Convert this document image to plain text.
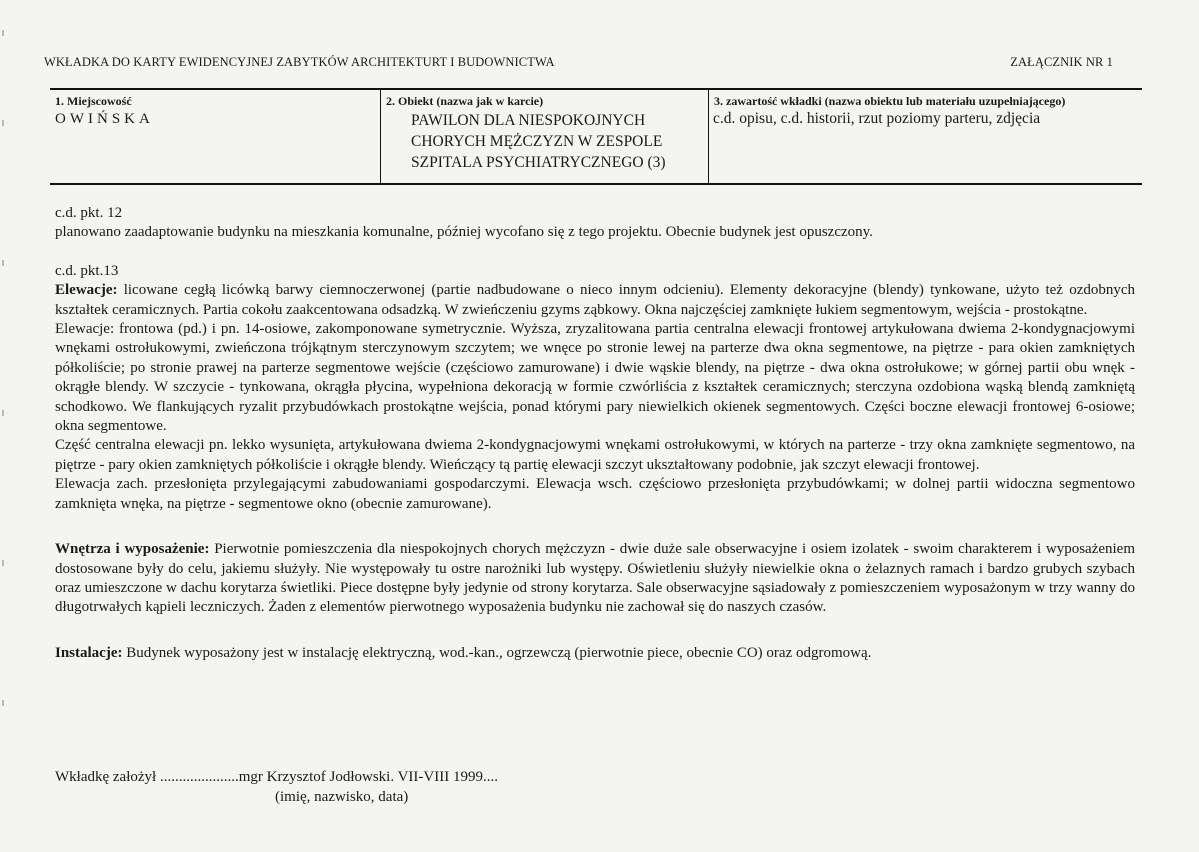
WKŁADKA DO KARTY EWIDENCYJNEJ ZABYTKÓW ARCHITEKTURT I BUDOWNICTWA	ZAŁĄCZNIK NR 1
1. Miejscowość
OWIŃSKA
2. Obiekt (nazwa jak w karcie)
PAWILON DLA NIESPOKOJNYCH CHORYCH MĘŻCZYZN W ZESPOLE SZPITALA PSYCHIATRYCZNEGO (3)
3. zawartość wkładki (nazwa obiektu lub materiału uzupełniającego)
c.d. opisu, c.d. historii, rzut poziomy parteru, zdjęcia

c.d. pkt. 12

planowano zaadaptowanie budynku na mieszkania komunalne, później wycofano się z tego projektu. Obecnie budynek jest opuszczony.

c.d. pkt.13

Elewacje: licowane cegłą licówką barwy ciemnoczerwonej (partie nadbudowane o nieco innym odcieniu). Elementy dekoracyjne (blendy) tynkowane, użyto też ozdobnych kształtek ceramicznych. Partia cokołu zaakcentowana odsadzką. W zwieńczeniu gzyms ząbkowy. Okna najczęściej zamknięte łukiem segmentowym, wejścia - prostokątne.

Elewacje: frontowa (pd.) i pn. 14-osiowe, zakomponowane symetrycznie. Wyższa, zryzalitowana partia centralna elewacji frontowej artykułowana dwiema 2-kondygnacjowymi wnękami ostrołukowymi, zwieńczona trójkątnym sterczynowym szczytem; we wnęce po stronie lewej na parterze dwa okna segmentowe, na piętrze - para okien zamkniętych półkoliście; po stronie prawej na parterze segmentowe wejście (częściowo zamurowane) i dwie wąskie blendy, na piętrze - dwa okna ostrołukowe; w górnej partii obu wnęk - okrągłe blendy. W szczycie - tynkowana, okrągła płycina, wypełniona dekoracją w formie czwórliścia z kształtek ceramicznych; sterczyna ozdobiona wąską blendą zamkniętą schodkowo. We flankujących ryzalit przybudówkach prostokątne wejścia, ponad którymi pary niewielkich okienek segmentowych. Części boczne elewacji frontowej 6-osiowe; okna segmentowe.

Część centralna elewacji pn. lekko wysunięta, artykułowana dwiema 2-kondygnacjowymi wnękami ostrołukowymi, w których na parterze - trzy okna zamknięte segmentowo, na piętrze - pary okien zamkniętych półkoliście i okrągłe blendy. Wieńczący tą partię elewacji szczyt ukształtowany podobnie, jak szczyt elewacji frontowej.

Elewacja zach. przesłonięta przylegającymi zabudowaniami gospodarczymi. Elewacja wsch. częściowo przesłonięta przybudówkami; w dolnej partii widoczna segmentowo zamknięta wnęka, na piętrze - segmentowe okno (obecnie zamurowane).

Wnętrza i wyposażenie: Pierwotnie pomieszczenia dla niespokojnych chorych mężczyzn - dwie duże sale obserwacyjne i osiem izolatek - swoim charakterem i wyposażeniem dostosowane były do celu, jakiemu służyły. Nie występowały tu ostre narożniki lub występy. Oświetleniu służyły niewielkie okna o żelaznych ramach i bardzo grubych szybach oraz umieszczone w dachu korytarza świetliki. Piece dostępne były jedynie od strony korytarza. Sale obserwacyjne sąsiadowały z pomieszczeniem wyposażonym w trzy wanny do długotrwałych kąpieli leczniczych. Żaden z elementów pierwotnego wyposażenia budynku nie zachował się do naszych czasów.

Instalacje: Budynek wyposażony jest w instalację elektryczną, wod.-kan., ogrzewczą (pierwotnie piece, obecnie CO) oraz odgromową.

Wkładkę założył .....................mgr Krzysztof Jodłowski. VII-VIII 1999....
(imię, nazwisko, data)
